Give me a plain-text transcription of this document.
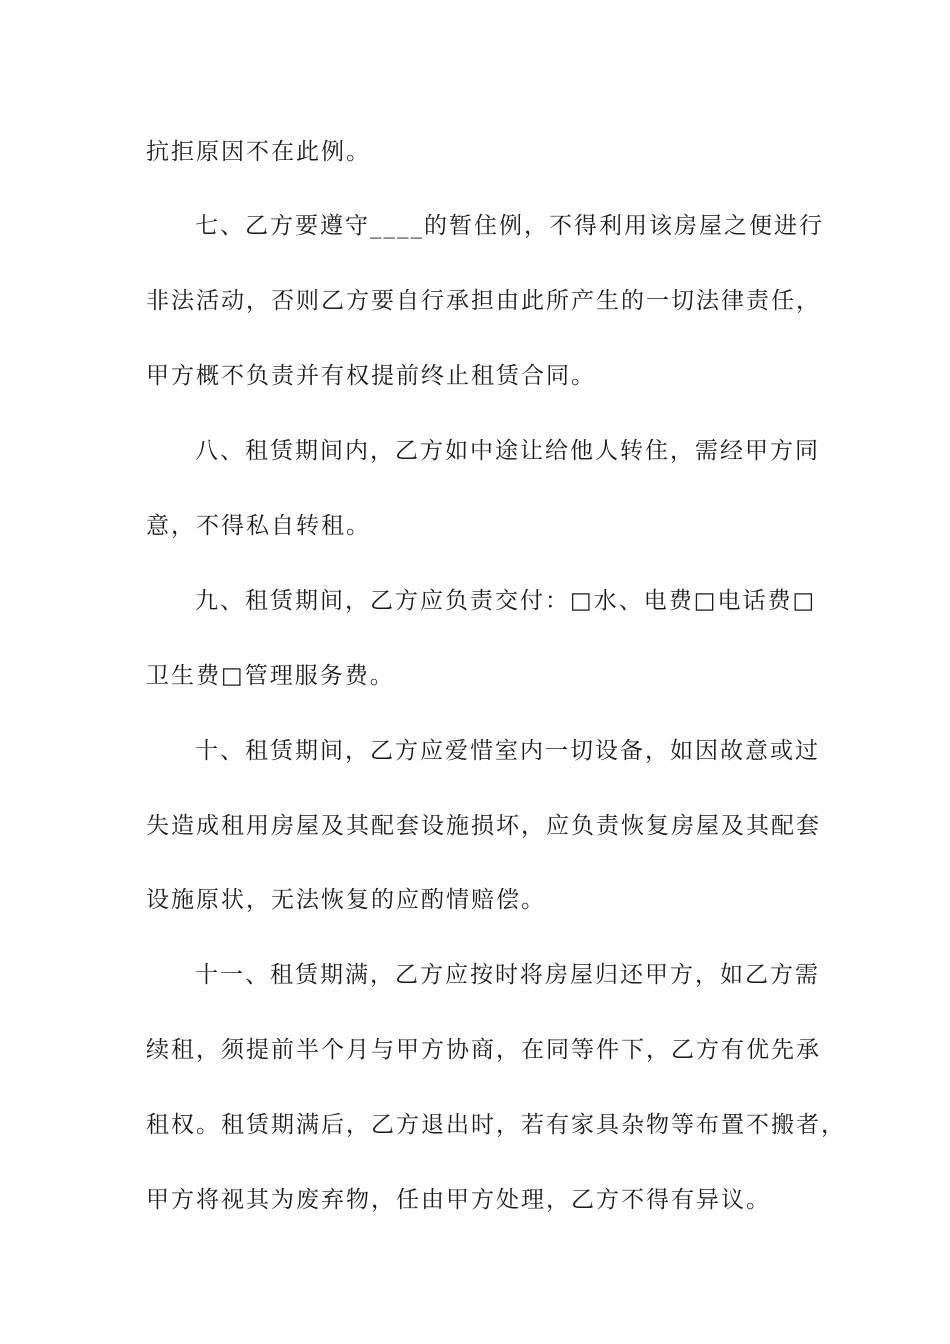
抗拒原因不在此例。
七、乙方要遵守____的暂住例，不得利用该房屋之便进行
非法活动，否则乙方要自行承担由此所产生的一切法律责任，
甲方概不负责并有权提前终止租赁合同。
八、租赁期间内，乙方如中途让给他人转住，需经甲方同
意，不得私自转租。
九、租赁期间，乙方应负责交付：□水、电费□电话费□
卫生费□管理服务费。
十、租赁期间，乙方应爱惜室内一切设备，如因故意或过
失造成租用房屋及其配套设施损坏，应负责恢复房屋及其配套
设施原状，无法恢复的应酌情赔偿。
十一、租赁期满，乙方应按时将房屋归还甲方，如乙方需
续租，须提前半个月与甲方协商，在同等件下，乙方有优先承
租权。租赁期满后，乙方退出时，若有家具杂物等布置不搬者，
甲方将视其为废弃物，任由甲方处理，乙方不得有异议。
